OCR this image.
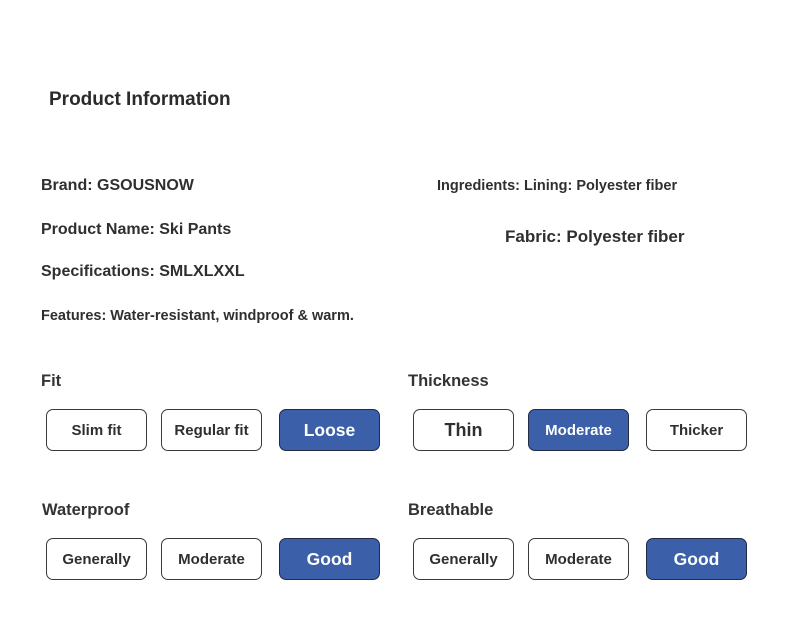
Product Information
Brand: GSOUSNOW
Product Name: Ski Pants
Specifications: SMLXLXXL
Features: Water-resistant, windproof & warm.
Ingredients: Lining: Polyester fiber
Fabric: Polyester fiber
Fit
Slim fit	Regular fit	Loose
Thickness
Thin	Moderate	Thicker
Waterproof
Generally	Moderate	Good
Breathable
Generally	Moderate	Good
